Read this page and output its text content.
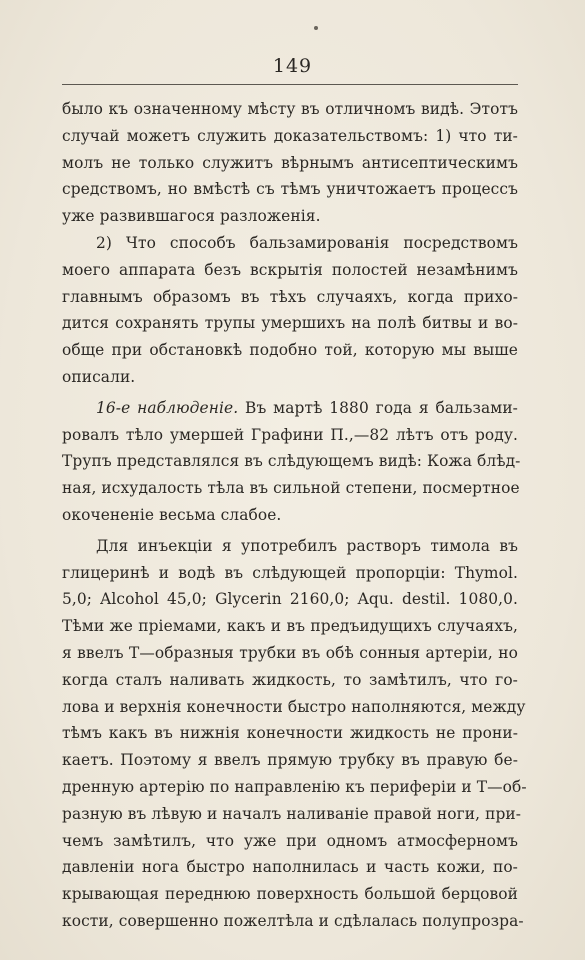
149
было къ означенному мѣсту въ отличномъ видѣ. Этотъ
случай можетъ служить доказательствомъ: 1) что ти-
молъ не только служитъ вѣрнымъ антисептическимъ
средствомъ, но вмѣстѣ съ тѣмъ уничтожаетъ процессъ
уже развившагося разложенія.
2) Что способъ бальзамированія посредствомъ
моего аппарата безъ вскрытія полостей незамѣнимъ
главнымъ образомъ въ тѣхъ случаяхъ, когда прихо-
дится сохранять трупы умершихъ на полѣ битвы и во-
обще при обстановкѣ подобно той, которую мы выше
описали.
16-е наблюденіе. Въ мартѣ 1880 года я бальзами-
ровалъ тѣло умершей Графини П.,—82 лѣтъ отъ роду.
Трупъ представлялся въ слѣдующемъ видѣ: Кожа блѣд-
ная, исхудалость тѣла въ сильной степени, посмертное
окочененіе весьма слабое.
Для инъекціи я употребилъ растворъ тимола въ
глицеринѣ и водѣ въ слѣдующей пропорціи: Thymol.
5,0; Alcohol 45,0; Glycerin 2160,0; Aqu. destil. 1080,0.
Тѣми же пріемами, какъ и въ предъидущихъ случаяхъ,
я ввелъ Т—образныя трубки въ обѣ сонныя артеріи, но
когда сталъ наливать жидкость, то замѣтилъ, что го-
лова и верхнія конечности быстро наполняются, между
тѣмъ какъ въ нижнія конечности жидкость не прони-
каетъ. Поэтому я ввелъ прямую трубку въ правую бе-
дренную артерію по направленію къ периферіи и Т—об-
разную въ лѣвую и началъ наливаніе правой ноги, при-
чемъ замѣтилъ, что уже при одномъ атмосферномъ
давленіи нога быстро наполнилась и часть кожи, по-
крывающая переднюю поверхность большой берцовой
кости, совершенно пожелтѣла и сдѣлалась полупрозра-
